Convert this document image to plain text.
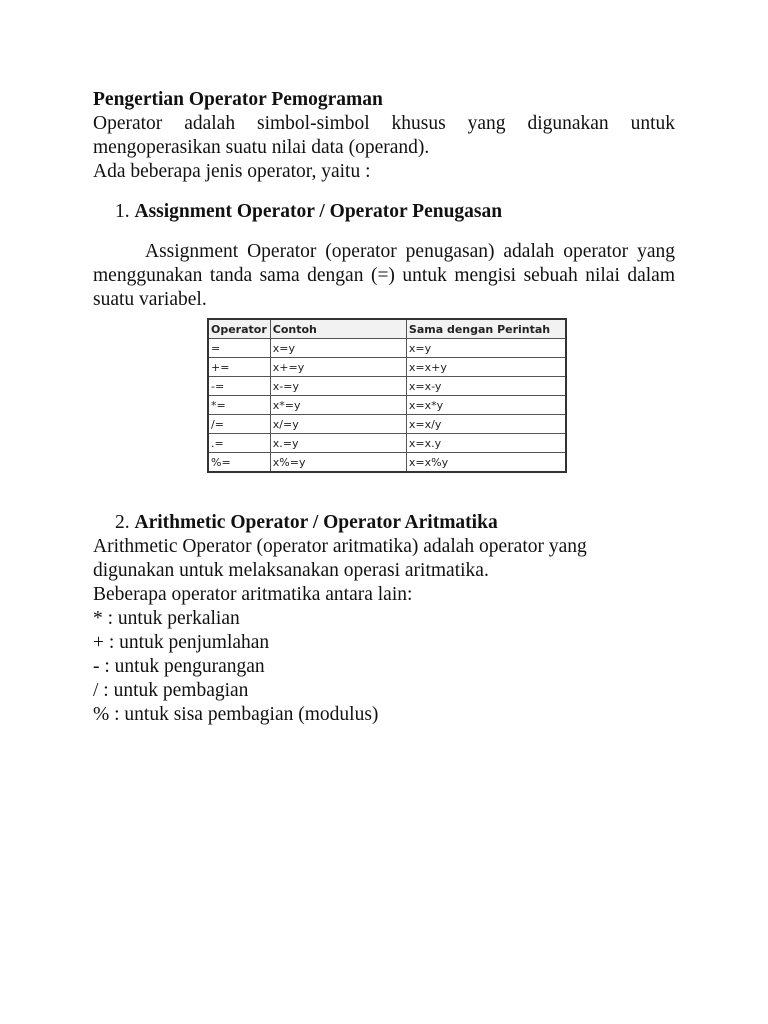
Pengertian Operator Pemograman

Operator adalah simbol-simbol khusus yang digunakan untuk mengoperasikan suatu nilai data (operand).

Ada beberapa jenis operator, yaitu :

1. Assignment Operator / Operator Penugasan

Assignment Operator (operator penugasan) adalah operator yang menggunakan tanda sama dengan (=) untuk mengisi sebuah nilai dalam suatu variabel.

Operator	Contoh	Sama dengan Perintah
=	x=y	x=y
+=	x+=y	x=x+y
-=	x-=y	x=x-y
*=	x*=y	x=x*y
/=	x/=y	x=x/y
.=	x.=y	x=x.y
%=	x%=y	x=x%y

2. Arithmetic Operator / Operator Aritmatika

Arithmetic Operator (operator aritmatika) adalah operator yang

digunakan untuk melaksanakan operasi aritmatika.

Beberapa operator aritmatika antara lain:

* : untuk perkalian

+ : untuk penjumlahan

- : untuk pengurangan

/ : untuk pembagian

% : untuk sisa pembagian (modulus)
